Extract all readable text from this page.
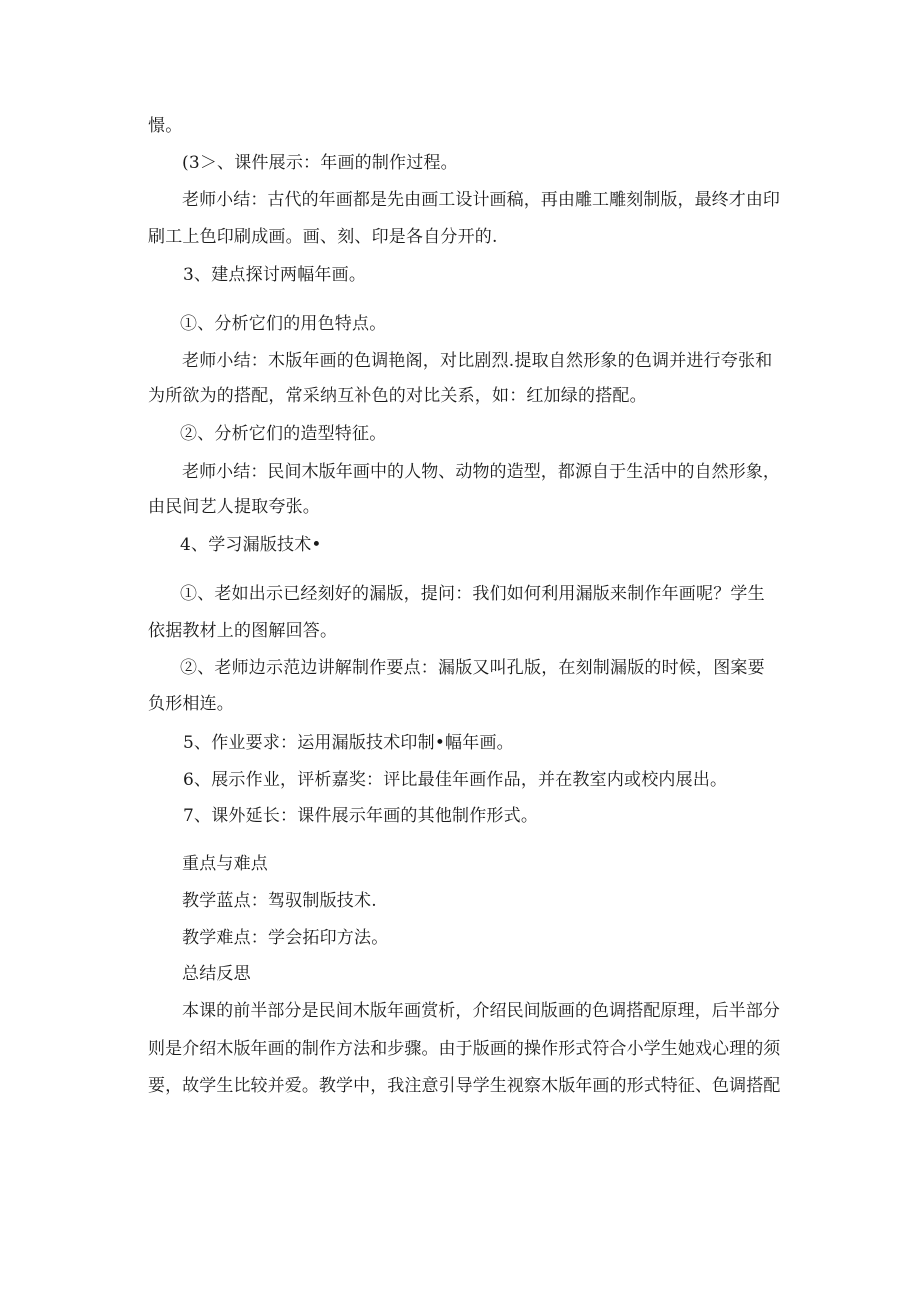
憬。
(3＞、课件展示：年画的制作过程。
老师小结：古代的年画都是先由画工设计画稿，再由雕工雕刻制版，最终才由印
刷工上色印刷成画。画、刻、印是各自分开的.
3、建点探讨两幅年画。
①、分析它们的用色特点。
老师小结：木版年画的色调艳阁，对比剧烈.提取自然形象的色调并进行夸张和
为所欲为的搭配，常采纳互补色的对比关系，如：红加绿的搭配。
②、分析它们的造型特征。
老师小结：民间木版年画中的人物、动物的造型，都源自于生活中的自然形象，
由民间艺人提取夸张。
4、学习漏版技术•
①、老如出示已经刻好的漏版，提问：我们如何利用漏版来制作年画呢？学生
依据教材上的图解回答。
②、老师边示范边讲解制作要点：漏版又叫孔版，在刻制漏版的时候，图案要
负形相连。
5、作业要求：运用漏版技术印制•幅年画。
6、展示作业，评析嘉奖：评比最佳年画作品，并在教室内或校内展出。
7、课外延长：课件展示年画的其他制作形式。
重点与难点
教学蓝点：驾驭制版技术.
教学难点：学会拓印方法。
总结反思
本课的前半部分是民间木版年画赏析，介绍民间版画的色调搭配原理，后半部分
则是介绍木版年画的制作方法和步骤。由于版画的操作形式符合小学生她戏心理的须
要，故学生比较并爱。教学中，我注意引导学生视察木版年画的形式特征、色调搭配
